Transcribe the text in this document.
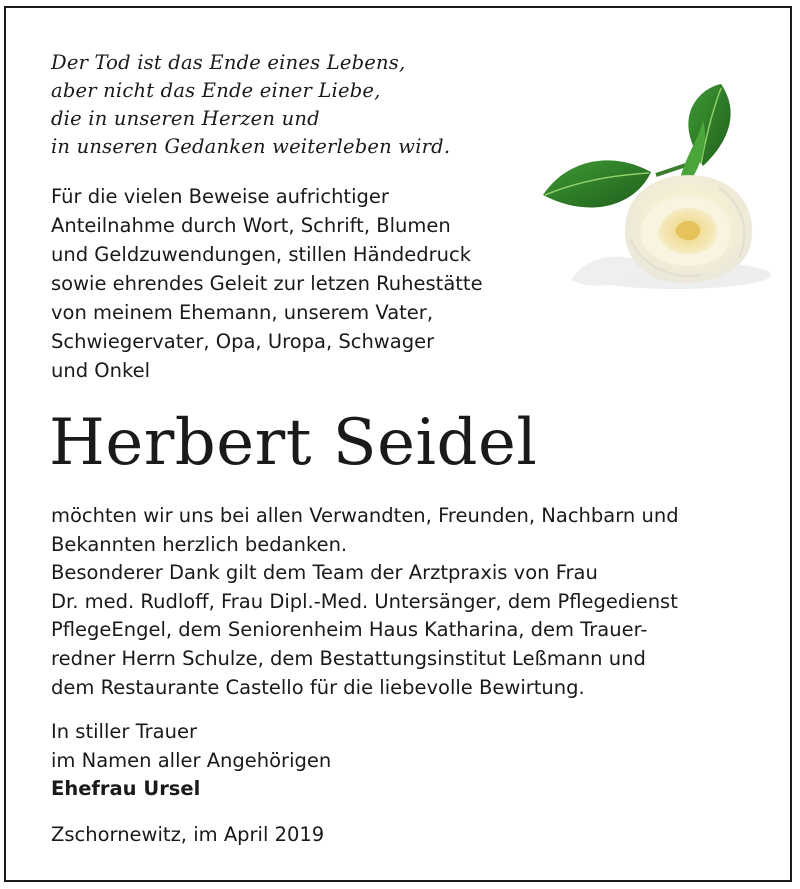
Der Tod ist das Ende eines Lebens,
aber nicht das Ende einer Liebe,
die in unseren Herzen und
in unseren Gedanken weiterleben wird.
Für die vielen Beweise aufrichtiger
Anteilnahme durch Wort, Schrift, Blumen
und Geldzuwendungen, stillen Händedruck
sowie ehrendes Geleit zur letzen Ruhestätte
von meinem Ehemann, unserem Vater,
Schwiegervater, Opa, Uropa, Schwager
und Onkel
Herbert Seidel
möchten wir uns bei allen Verwandten, Freunden, Nachbarn und
Bekannten herzlich bedanken.
Besonderer Dank gilt dem Team der Arztpraxis von Frau
Dr. med. Rudloff, Frau Dipl.-Med. Untersänger, dem Pflegedienst
PflegeEngel, dem Seniorenheim Haus Katharina, dem Trauer-
redner Herrn Schulze, dem Bestattungsinstitut Leßmann und
dem Restaurante Castello für die liebevolle Bewirtung.
In stiller Trauer
im Namen aller Angehörigen
Ehefrau Ursel
Zschornewitz, im April 2019
